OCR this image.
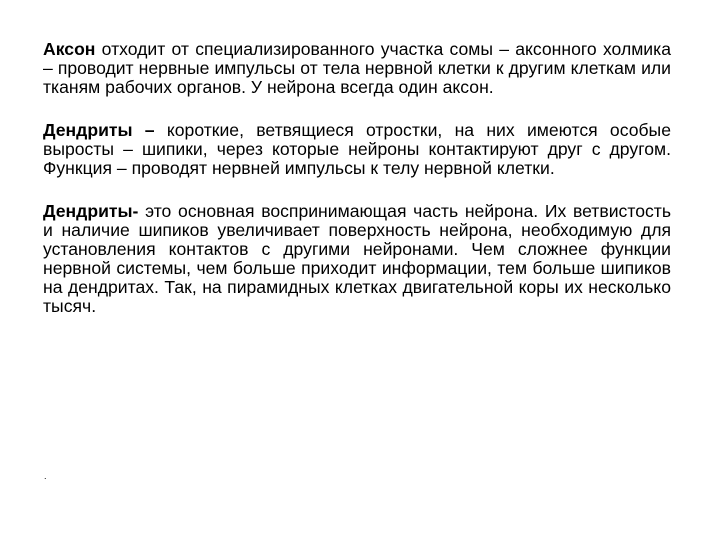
Аксон отходит от специализированного участка сомы – аксонного холмика – проводит нервные импульсы от тела нервной клетки к другим клеткам или тканям рабочих органов. У нейрона всегда один аксон.

Дендриты – короткие, ветвящиеся отростки, на них имеются особые выросты – шипики, через которые нейроны контактируют друг с другом. Функция – проводят нервней импульсы к телу нервной клетки.

Дендриты- это основная воспринимающая часть нейрона. Их ветвистость и наличие шипиков увеличивает поверхность нейрона, необходимую для установления контактов с другими нейронами. Чем сложнее функции нервной системы, чем больше приходит информации, тем больше шипиков на дендритах. Так, на пирамидных клетках двигательной коры их несколько тысяч.

.
